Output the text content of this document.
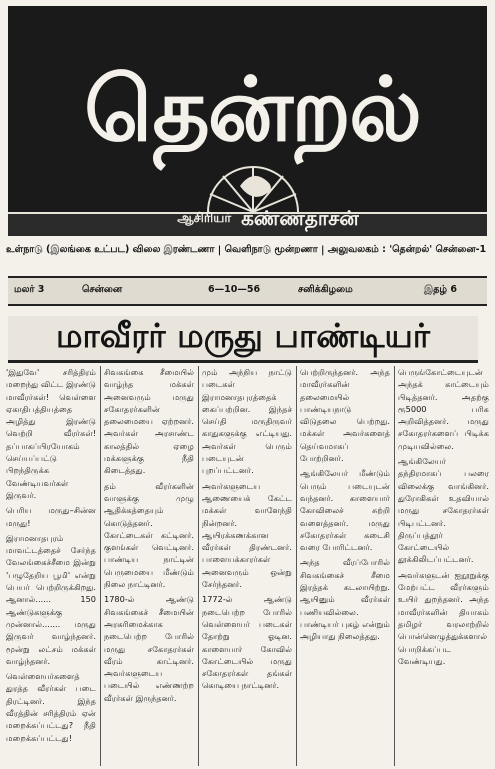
தென்றல்
ஆசிரியர் கண்ணதாசன்
உள்நாடு (இலங்கை உட்பட) விலை இரண்டணா | வெளிநாடு மூன்றணா | அலுவலகம் : 'தென்றல்' சென்னை-1
மலர் 3	சென்னை	6—10—56	சனிக்கிழமை	இதழ் 6
மாவீரர் மருது பாண்டியர்

'இதுவே' சரித்திரம் மறைந்து விட்ட இரண்டு மாவீரர்கள்! வெள்ளை ஏகாதிபத்தியத்தை அழித்து இரண்டு வெற்றி வீரர்கள்! தப்பாகப்பிரயோகம் செய்யப்பட்டு பிறந்திருக்க வேண்டியவர்கள் இருவர்.

பெரிய மருது–சின்ன மருது!

இராமனாதபுரம் மாவட்டத்தைச் சேர்ந்த வேலங்கைச்சீமை இன்று 'பழுதேறிய பூமி' என்று பெயர் பெற்றிருக்கிறது. ஆனால்...... 150 ஆண்டுகளுக்கு முன்னால்....... மருது இருவர் வாழ்ந்தனர். மூன்று லட்சம் மக்கள் வாழ்ந்தனர்.

வெள்ளையர்களைத் துரத்த வீரர்கள் படை திரட்டினர். இந்த வீரத்தின் சரித்திரம் ஏன் மறைக்கப்பட்டது? நீதி மறைக்கப்பட்டது!

சிவகங்கை சீமையில் வாழ்ந்த மக்கள் அனைவரும் மருது சகோதரர்களின் தலைமையை ஏற்றனர். அவர்கள் அரசாண்ட காலத்தில் ஏழை மக்களுக்கு நீதி கிடைத்தது.

தம் வீரர்களின் வாளுக்கு முழு ஆதிக்கத்தையும் கொடுத்தனர். கோட்டைகள் கட்டினர். குளங்கள் வெட்டினர். பாண்டிய நாட்டின் பெருமையை மீண்டும் நிலை நாட்டினர்.

1780-ல் ஆண்டு சிவகங்கைச் சீமையின் அரசுரிமைக்காக நடைபெற்ற போரில் மருது சகோதரர்கள் வீரம் காட்டினர். அவர்களுடைய படையில் எண்ணற்ற வீரர்கள் இருந்தனர்.

மும் அந்நிய நாட்டு படைகள் இராமனாதபுரத்தைக் கைப்பற்றின. இந்தச் செய்தி மருதிருவர் காதுகளுக்கு எட்டியது. அவர்கள் பெரும் படையுடன் புறப்பட்டனர்.

அவர்களுடைய ஆணையைக் கேட்ட மக்கள் வாளேந்தி நின்றனர். ஆயிரக்கணக்கான வீரர்கள் திரண்டனர். பாளையக்காரர்கள் அனைவரும் ஒன்று சேர்ந்தனர்.

1772-ல் ஆண்டு நடைபெற்ற போரில் வெள்ளையர் படைகள் தோற்று ஓடின. காளையார் கோவில் கோட்டையில் மருது சகோதரர்கள் தங்கள் கொடியை நாட்டினர்.

பெற்றிருந்தனர். அந்த மாவீரர்களின் தலைமையில் பாண்டியநாடு விடுதலை பெற்றது. மக்கள் அவர்களைத் தெய்வமாகப் போற்றினர்.

ஆங்கிலேயர் மீண்டும் பெரும் படையுடன் வந்தனர். காளையார் கோவிலைச் சுற்றி வளைத்தனர். மருது சகோதரர்கள் கடைசி வரை போரிட்டனர்.

அந்த வீரப்போரில் சிவகங்கைச் சீமை இரத்தக் கடலாயிற்று. ஆயினும் வீரர்கள் பணியவில்லை. பாண்டியர் புகழ் என்றும் அழியாது நிலைத்தது.

பெருங்கோட்டையுடன் அந்தக் காட்டையும் பிடித்தனர். அதற்கு ரூ5000 பரிசு அறிவித்தனர். மருது சகோதரர்களைப் பிடிக்க முடியவில்லை.

ஆங்கிலேயர் தந்திரமாகப் பலரை விலைக்கு வாங்கினர். துரோகிகள் உதவியால் மருது சகோதரர்கள் பிடிபட்டனர். திருப்பத்தூர் கோட்டையில் தூக்கிலிடப்பட்டனர்.

அவர்களுடன் ஐநூறுக்கு மேற்பட்ட வீரர்களும் உயிர் துறந்தனர். அந்த மாவீரர்களின் தியாகம் தமிழர் வரலாற்றில் பொன்னெழுத்துக்களால் பொறிக்கப்பட வேண்டியது.
